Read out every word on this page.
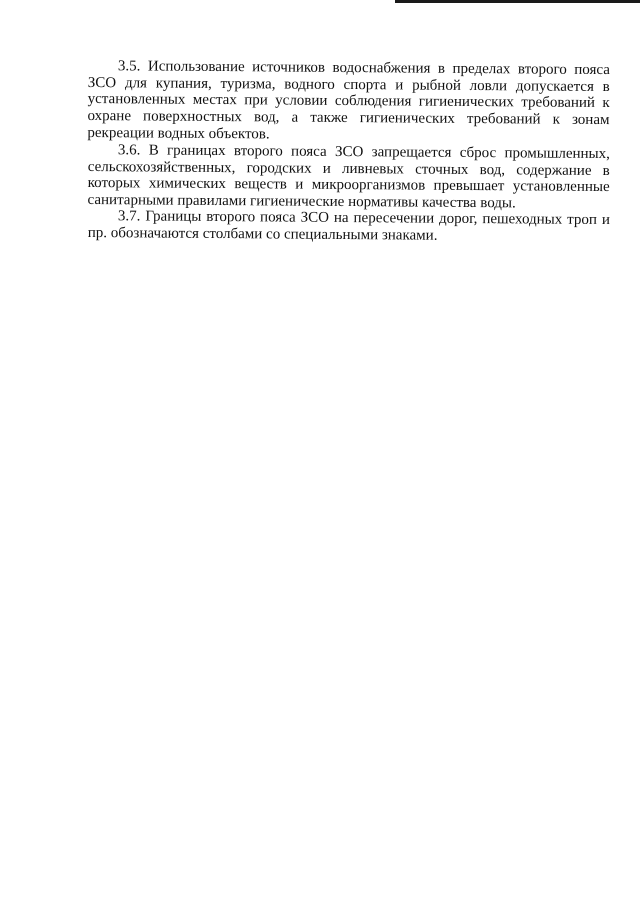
3.5. Использование источников водоснабжения в пределах второго пояса ЗСО для купания, туризма, водного спорта и рыбной ловли допускается в установленных местах при условии соблюдения гигиенических требований к охране поверхностных вод, а также гигиенических требований к зонам рекреации водных объектов.

3.6. В границах второго пояса ЗСО запрещается сброс промышленных, сельскохозяйственных, городских и ливневых сточных вод, содержание в которых химических веществ и микроорганизмов превышает установленные санитарными правилами гигиенические нормативы качества воды.

3.7. Границы второго пояса ЗСО на пересечении дорог, пешеходных троп и пр. обозначаются столбами со специальными знаками.
